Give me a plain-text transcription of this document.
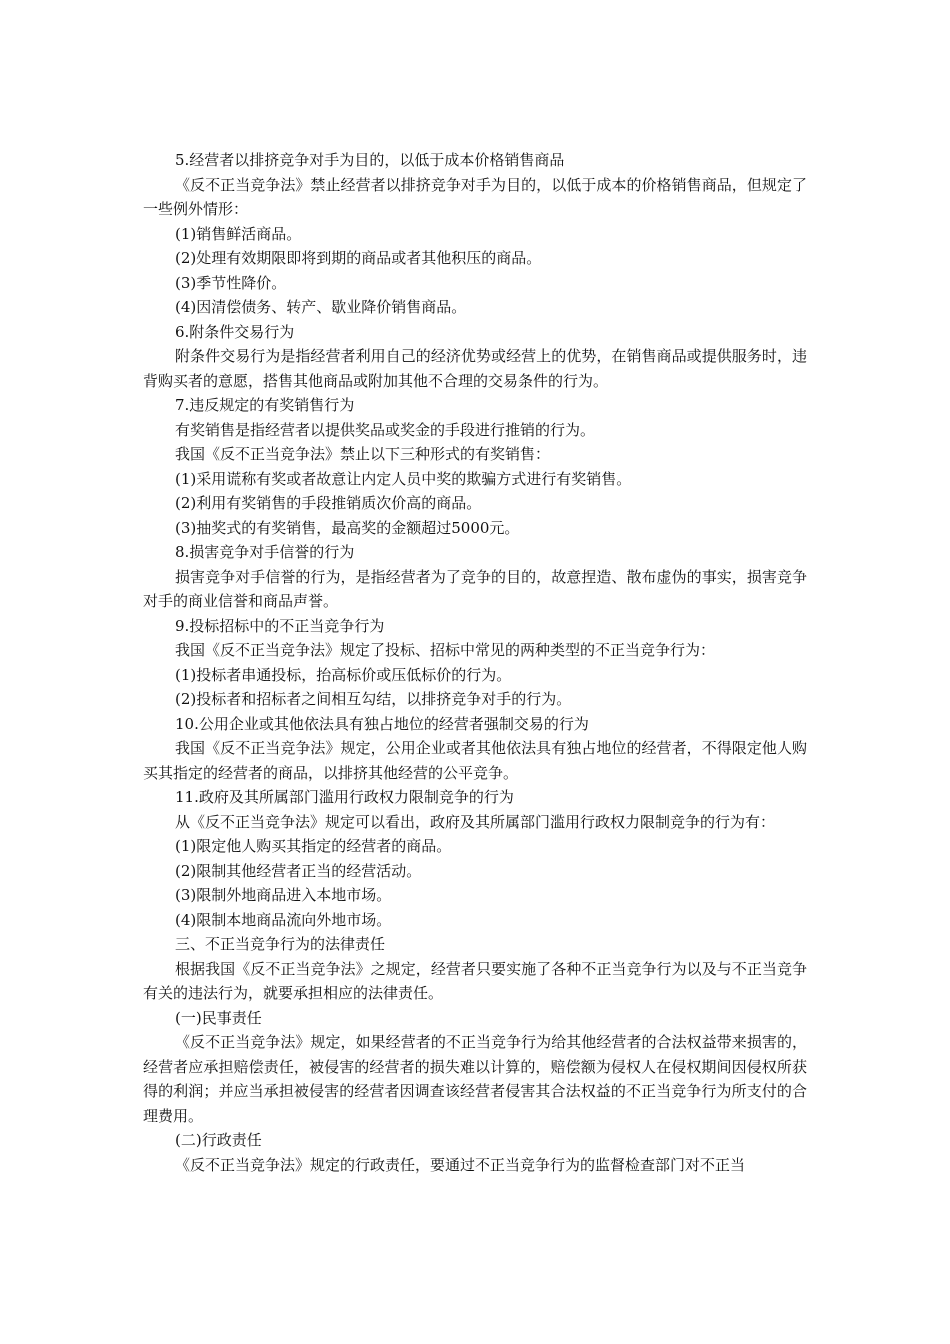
5.经营者以排挤竞争对手为目的，以低于成本价格销售商品

《反不正当竞争法》禁止经营者以排挤竞争对手为目的，以低于成本的价格销售商品，但规定了一些例外情形：

(1)销售鲜活商品。

(2)处理有效期限即将到期的商品或者其他积压的商品。

(3)季节性降价。

(4)因清偿债务、转产、歇业降价销售商品。

6.附条件交易行为

附条件交易行为是指经营者利用自己的经济优势或经营上的优势，在销售商品或提供服务时，违背购买者的意愿，搭售其他商品或附加其他不合理的交易条件的行为。

7.违反规定的有奖销售行为

有奖销售是指经营者以提供奖品或奖金的手段进行推销的行为。

我国《反不正当竞争法》禁止以下三种形式的有奖销售：

(1)采用谎称有奖或者故意让内定人员中奖的欺骗方式进行有奖销售。

(2)利用有奖销售的手段推销质次价高的商品。

(3)抽奖式的有奖销售，最高奖的金额超过5000元。

8.损害竞争对手信誉的行为

损害竞争对手信誉的行为，是指经营者为了竞争的目的，故意捏造、散布虚伪的事实，损害竞争对手的商业信誉和商品声誉。

9.投标招标中的不正当竞争行为

我国《反不正当竞争法》规定了投标、招标中常见的两种类型的不正当竞争行为：

(1)投标者串通投标，抬高标价或压低标价的行为。

(2)投标者和招标者之间相互勾结，以排挤竞争对手的行为。

10.公用企业或其他依法具有独占地位的经营者强制交易的行为

我国《反不正当竞争法》规定，公用企业或者其他依法具有独占地位的经营者，不得限定他人购买其指定的经营者的商品，以排挤其他经营的公平竞争。

11.政府及其所属部门滥用行政权力限制竞争的行为

从《反不正当竞争法》规定可以看出，政府及其所属部门滥用行政权力限制竞争的行为有：

(1)限定他人购买其指定的经营者的商品。

(2)限制其他经营者正当的经营活动。

(3)限制外地商品进入本地市场。

(4)限制本地商品流向外地市场。

三、不正当竞争行为的法律责任

根据我国《反不正当竞争法》之规定，经营者只要实施了各种不正当竞争行为以及与不正当竞争有关的违法行为，就要承担相应的法律责任。

(一)民事责任

《反不正当竞争法》规定，如果经营者的不正当竞争行为给其他经营者的合法权益带来损害的，经营者应承担赔偿责任，被侵害的经营者的损失难以计算的，赔偿额为侵权人在侵权期间因侵权所获得的利润；并应当承担被侵害的经营者因调查该经营者侵害其合法权益的不正当竞争行为所支付的合理费用。

(二)行政责任

《反不正当竞争法》规定的行政责任，要通过不正当竞争行为的监督检查部门对不正当
